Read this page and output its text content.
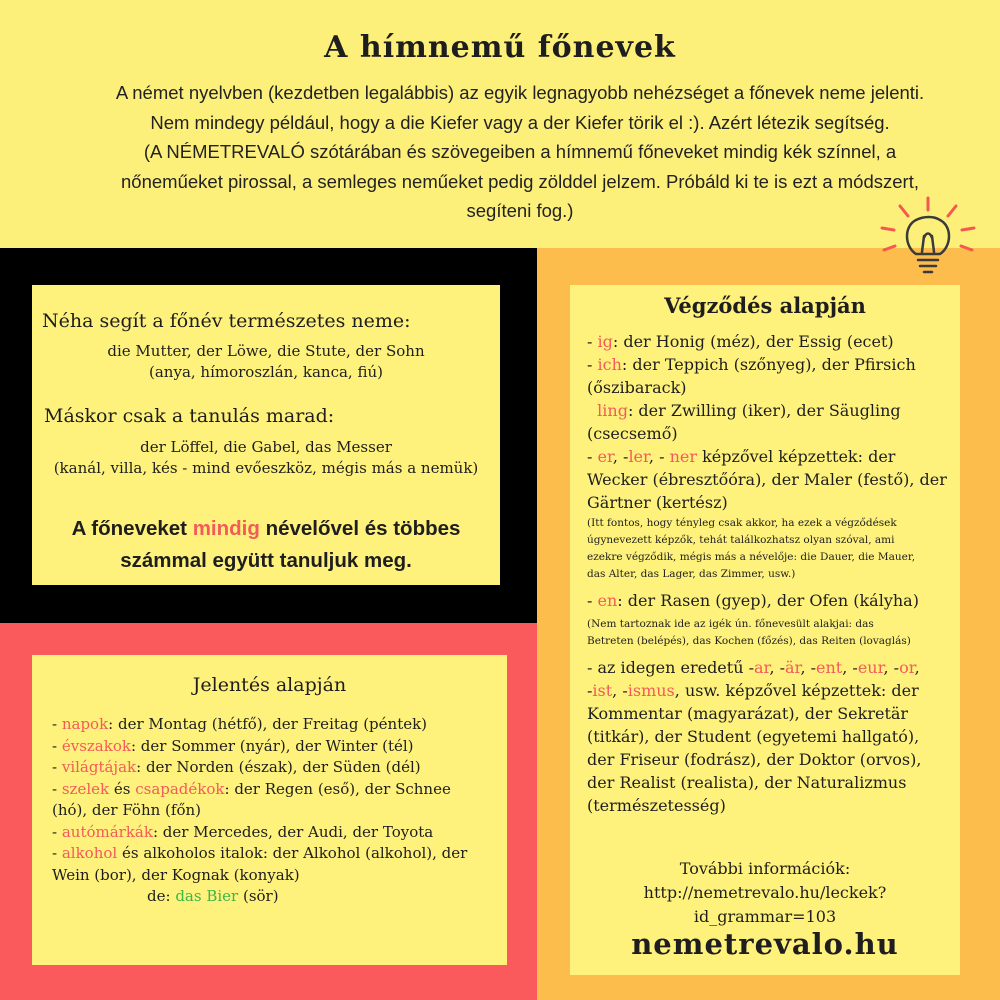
A hímnemű főnevek
A német nyelvben (kezdetben legalábbis) az egyik legnagyobb nehézséget a főnevek neme jelenti.
Nem mindegy például, hogy a die Kiefer vagy a der Kiefer törik el :). Azért létezik segítség.
(A NÉMETREVALÓ szótárában és szövegeiben a hímnemű főneveket mindig kék színnel, a
nőneműeket pirossal, a semleges neműeket pedig zölddel jelzem. Próbáld ki te is ezt a módszert,
segíteni fog.)
Néha segít a főnév természetes neme:
die Mutter, der Löwe, die Stute, der Sohn
(anya, hímoroszlán, kanca, fiú)
Máskor csak a tanulás marad:
der Löffel, die Gabel, das Messer
(kanál, villa, kés - mind evőeszköz, mégis más a nemük)
A főneveket mindig névelővel és többes
számmal együtt tanuljuk meg.
Jelentés alapján
- napok: der Montag (hétfő), der Freitag (péntek)
- évszakok: der Sommer (nyár), der Winter (tél)
- világtájak: der Norden (észak), der Süden (dél)
- szelek és csapadékok: der Regen (eső), der Schnee
(hó), der Föhn (főn)
- autómárkák: der Mercedes, der Audi, der Toyota
- alkohol és alkoholos italok: der Alkohol (alkohol), der
Wein (bor), der Kognak (konyak)
de: das Bier (sör)
Végződés alapján
- ig: der Honig (méz), der Essig (ecet)
- ich: der Teppich (szőnyeg), der Pfirsich
(őszibarack)
ling: der Zwilling (iker), der Säugling
(csecsemő)
- er, -ler, - ner képzővel képzettek: der
Wecker (ébresztőóra), der Maler (festő), der
Gärtner (kertész)
(Itt fontos, hogy tényleg csak akkor, ha ezek a végződések
úgynevezett képzők, tehát találkozhatsz olyan szóval, ami
ezekre végződik, mégis más a névelője: die Dauer, die Mauer,
das Alter, das Lager, das Zimmer, usw.)
- en: der Rasen (gyep), der Ofen (kályha)
(Nem tartoznak ide az igék ún. főnevesült alakjai: das
Betreten (belépés), das Kochen (főzés), das Reiten (lovaglás)
- az idegen eredetű -ar, -är, -ent, -eur, -or,
-ist, -ismus, usw. képzővel képzettek: der
Kommentar (magyarázat), der Sekretär
(titkár), der Student (egyetemi hallgató),
der Friseur (fodrász), der Doktor (orvos),
der Realist (realista), der Naturalizmus
(természetesség)
További információk:
http://nemetrevalo.hu/leckek?
id_grammar=103
nemetrevalo.hu
